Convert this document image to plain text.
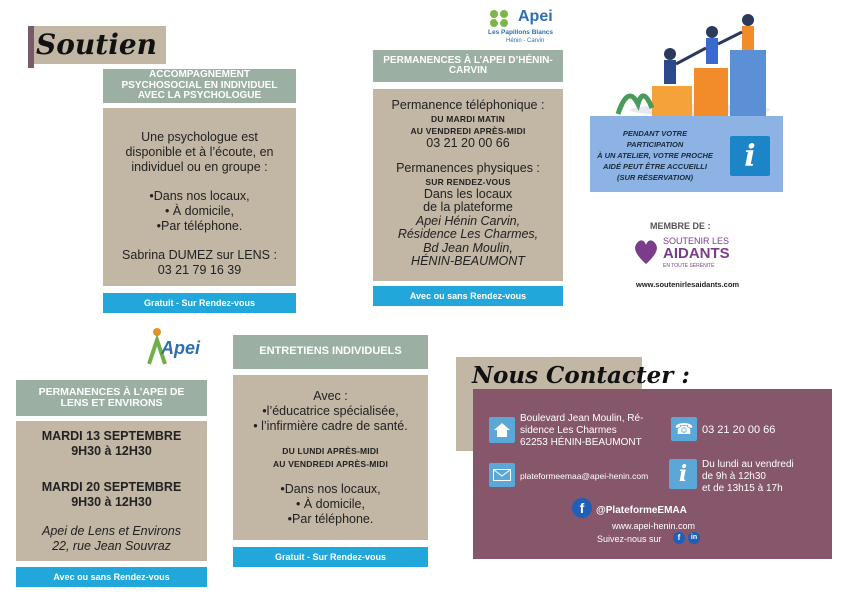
Soutien
ACCOMPAGNEMENT PSYCHOSOCIAL EN INDIVIDUEL AVEC LA PSYCHOLOGUE
Une psychologue est
disponible et à l’écoute, en
individuel ou en groupe :
•Dans nos locaux,
• À domicile,
•Par téléphone.
Sabrina DUMEZ sur LENS :
03 21 79 16 39
Gratuit - Sur Rendez-vous
Apei
Les Papillons Blancs
Hénin - Carvin
PERMANENCES À L’APEI D’HÉNIN-CARVIN
Permanence téléphonique :
DU MARDI MATIN
AU VENDREDI APRÈS-MIDI
03 21 20 00 66
Permanences physiques :
SUR RENDEZ-VOUS
Dans les locaux
de la plateforme
Apei Hénin Carvin,
Résidence Les Charmes,
Bd Jean Moulin,
HÉNIN-BEAUMONT
Avec ou sans Rendez-vous
PENDANT VOTRE PARTICIPATION
À UN ATELIER, VOTRE PROCHE
AIDÉ PEUT ÊTRE ACCUEILLI
(SUR RÉSERVATION)
i
MEMBRE DE :
SOUTENIR LES
AIDANTS
EN TOUTE SÉRÉNITÉ
www.soutenirlesaidants.com
Apei
PERMANENCES À L’APEI DE LENS ET ENVIRONS
MARDI 13 SEPTEMBRE
9H30 à 12H30
MARDI 20 SEPTEMBRE
9H30 à 12H30
Apei de Lens et Environs
22, rue Jean Souvraz
Avec ou sans Rendez-vous
ENTRETIENS INDIVIDUELS
Avec :
•l’éducatrice spécialisée,
• l’infirmière cadre de santé.
DU LUNDI APRÈS-MIDI
AU VENDREDI APRÈS-MIDI
•Dans nos locaux,
• À domicile,
•Par téléphone.
Gratuit - Sur Rendez-vous
Nous Contacter :
Boulevard Jean Moulin, Ré-
sidence Les Charmes
62253 HÉNIN-BEAUMONT
☎ 03 21 20 00 66
plateformeemaa@apei-henin.com i Du lundi au vendredi
de 9h à 12h30
et de 13h15 à 17h
f	@PlateformeEMAA
www.apei-henin.com
Suivez-nous sur	f	in
